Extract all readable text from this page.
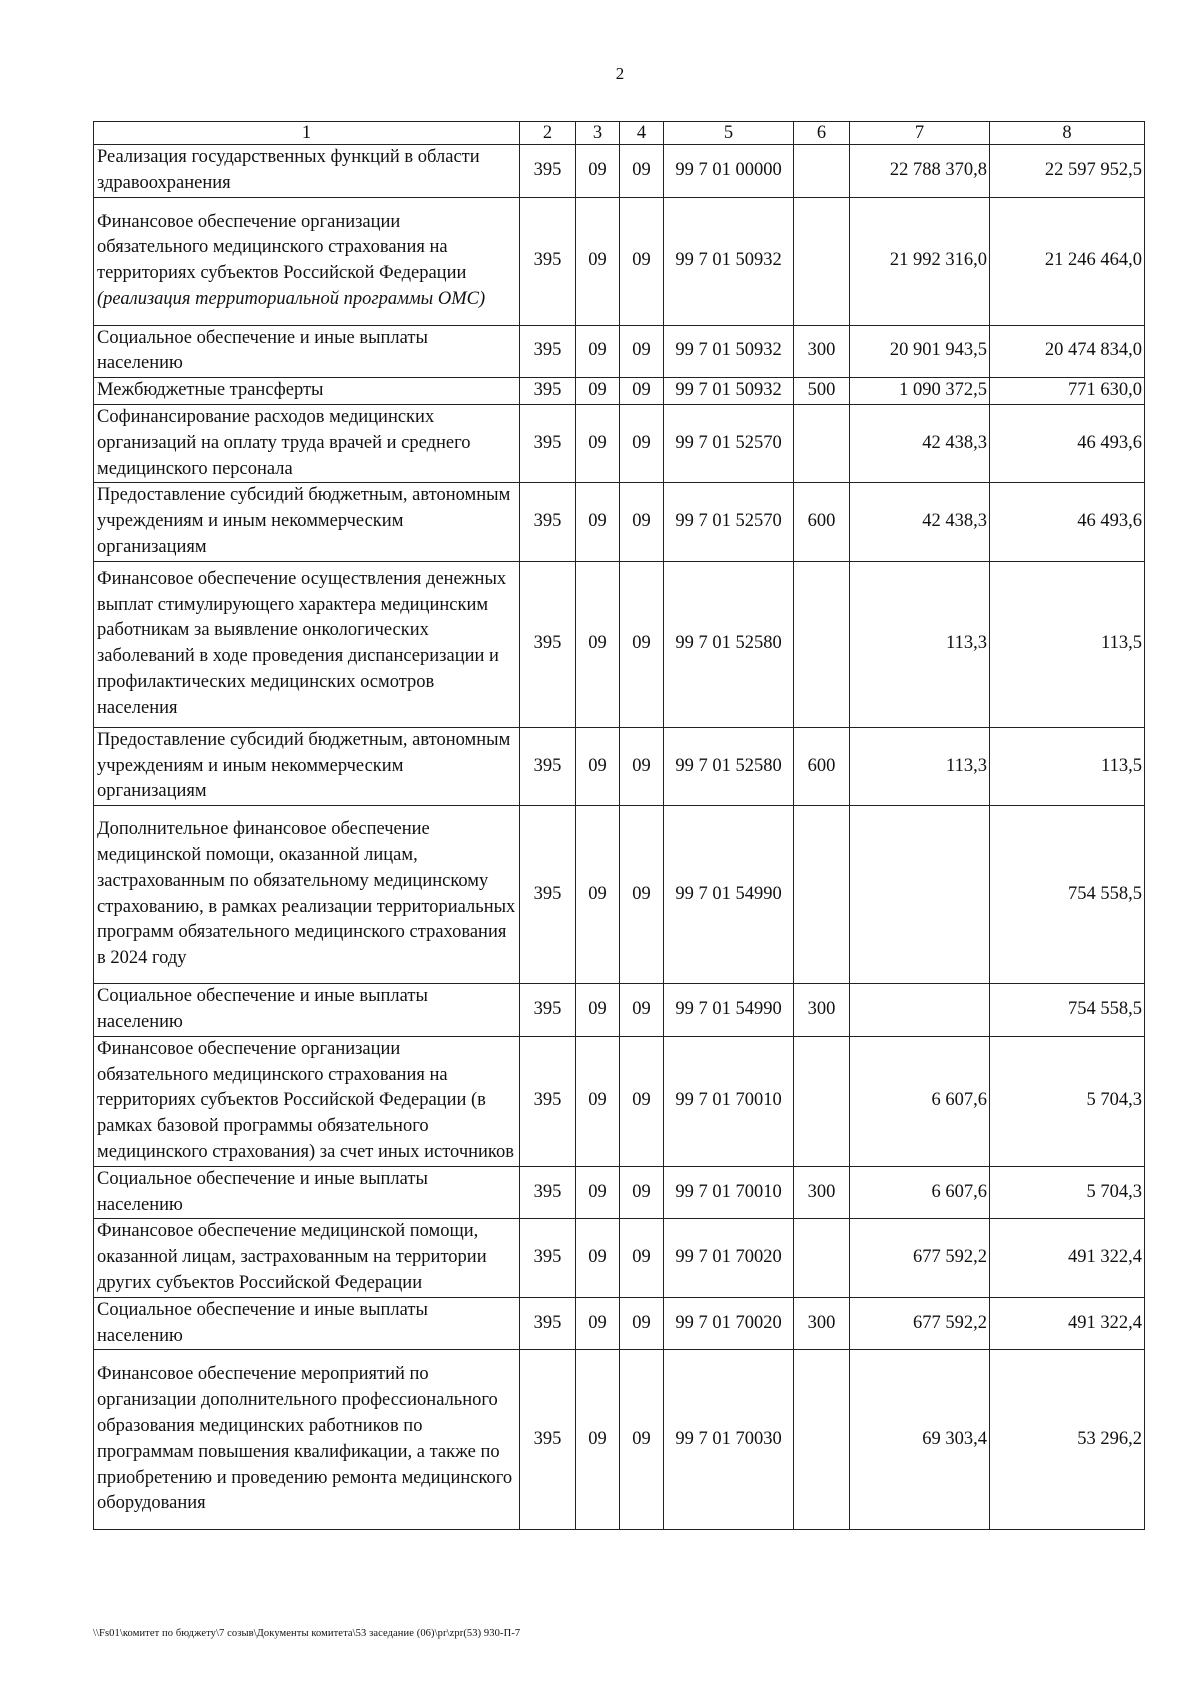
2
1	2	3	4	5	6	7	8
Реализация государственных функций в области здравоохранения	395	09	09	99 7 01 00000		22 788 370,8	22 597 952,5
Финансовое обеспечение организации обязательного медицинского страхования на территориях субъектов Российской Федерации (реализация территориальной программы ОМС)	395	09	09	99 7 01 50932		21 992 316,0	21 246 464,0
Социальное обеспечение и иные выплаты населению	395	09	09	99 7 01 50932	300	20 901 943,5	20 474 834,0
Межбюджетные трансферты	395	09	09	99 7 01 50932	500	1 090 372,5	771 630,0
Софинансирование расходов медицинских организаций на оплату труда врачей и среднего медицинского персонала	395	09	09	99 7 01 52570		42 438,3	46 493,6
Предоставление субсидий бюджетным, автономным учреждениям и иным некоммерческим организациям	395	09	09	99 7 01 52570	600	42 438,3	46 493,6
Финансовое обеспечение осуществления денежных выплат стимулирующего характера медицинским работникам за выявление онкологических заболеваний в ходе проведения диспансеризации и профилактических медицинских осмотров населения	395	09	09	99 7 01 52580		113,3	113,5
Предоставление субсидий бюджетным, автономным учреждениям и иным некоммерческим организациям	395	09	09	99 7 01 52580	600	113,3	113,5
Дополнительное финансовое обеспечение медицинской помощи, оказанной лицам, застрахованным по обязательному медицинскому страхованию, в рамках реализации территориальных программ обязательного медицинского страхования в 2024 году	395	09	09	99 7 01 54990			754 558,5
Социальное обеспечение и иные выплаты населению	395	09	09	99 7 01 54990	300		754 558,5
Финансовое обеспечение организации обязательного медицинского страхования на территориях субъектов Российской Федерации (в рамках базовой программы обязательного медицинского страхования) за счет иных источников	395	09	09	99 7 01 70010		6 607,6	5 704,3
Социальное обеспечение и иные выплаты населению	395	09	09	99 7 01 70010	300	6 607,6	5 704,3
Финансовое обеспечение медицинской помощи, оказанной лицам, застрахованным на территории других субъектов Российской Федерации	395	09	09	99 7 01 70020		677 592,2	491 322,4
Социальное обеспечение и иные выплаты населению	395	09	09	99 7 01 70020	300	677 592,2	491 322,4
Финансовое обеспечение мероприятий по организации дополнительного профессионального образования медицинских работников по программам повышения квалификации, а также по приобретению и проведению ремонта медицинского оборудования	395	09	09	99 7 01 70030		69 303,4	53 296,2
\\Fs01\комитет по бюджету\7 созыв\Документы комитета\53 заседание (06)\pr\zpr(53) 930-П-7
